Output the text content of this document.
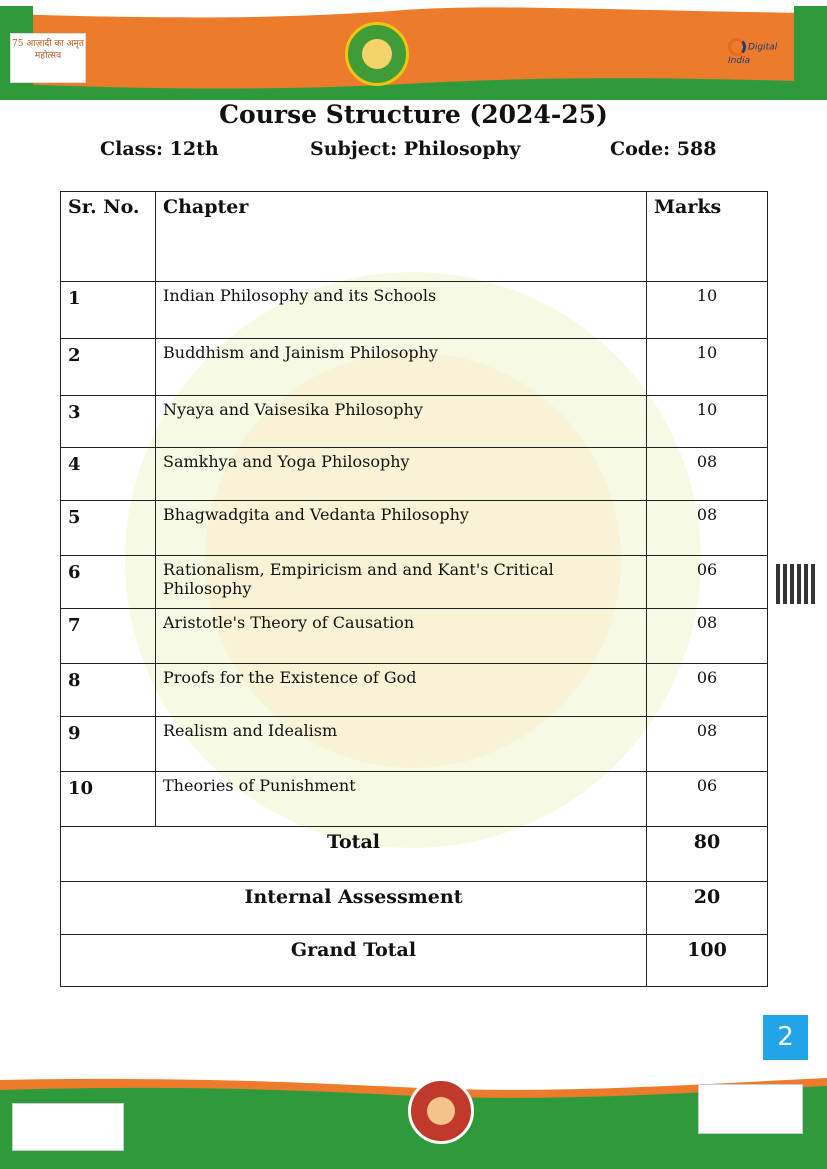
75 आज़ादी का अमृत महोत्सव
Digital India
Course Structure (2024-25)
Class: 12th	Subject: Philosophy	Code: 588
Sr. No.	Chapter	Marks
1	Indian Philosophy and its Schools	10
2	Buddhism and Jainism Philosophy	10
3	Nyaya and Vaisesika Philosophy	10
4	Samkhya and Yoga Philosophy	08
5	Bhagwadgita and Vedanta Philosophy	08
6	Rationalism, Empiricism and and Kant's Critical Philosophy	06
7	Aristotle's Theory of Causation	08
8	Proofs for the Existence of God	06
9	Realism and Idealism	08
10	Theories of Punishment	06
Total		80
Internal Assessment		20
Grand Total		100
2
